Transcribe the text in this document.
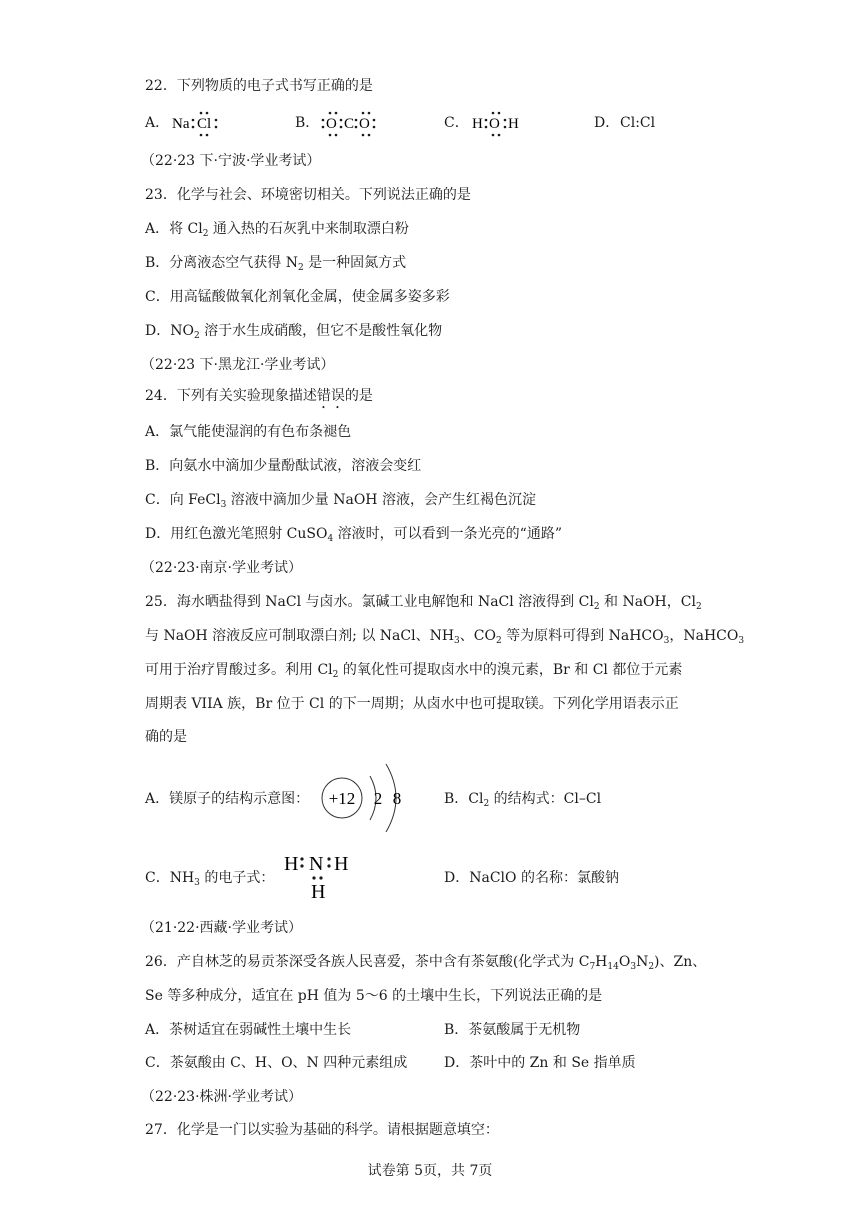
22．下列物质的电子式书写正确的是
A． Na Cl	B． O C O	C． H O H	D． Cl:Cl
（22·23 下·宁波·学业考试）
23．化学与社会、环境密切相关。下列说法正确的是
A．将 $Cl_2$ 通入热的石灰乳中来制取漂白粉
B．分离液态空气获得 $N_2$ 是一种固氮方式
C．用高锰酸做氧化剂氧化金属，使金属多姿多彩
D．$NO_2$ 溶于水生成硝酸，但它不是酸性氧化物
（22·23 下·黑龙江·学业考试）
24．下列有关实验现象描述错误的是
A．氯气能使湿润的有色布条褪色
B．向氨水中滴加少量酚酞试液，溶液会变红
C．向 FeCl$_3$ 溶液中滴加少量 NaOH 溶液，会产生红褐色沉淀
D．用红色激光笔照射 CuSO$_4$ 溶液时，可以看到一条光亮的“通路”
（22·23·南京·学业考试）
25．海水晒盐得到 NaCl 与卤水。氯碱工业电解饱和 NaCl 溶液得到 $Cl_2$ 和 NaOH，$Cl_2$
与 NaOH 溶液反应可制取漂白剂; 以 NaCl、$NH_3$、$CO_2$ 等为原料可得到 NaHCO$_3$，NaHCO$_3$
可用于治疗胃酸过多。利用 $Cl_2$ 的氧化性可提取卤水中的溴元素，Br 和 Cl 都位于元素
周期表 VIIA 族，Br 位于 Cl 的下一周期；从卤水中也可提取镁。下列化学用语表示正
确的是
A．镁原子的结构示意图： +12 2 8	B．$Cl_2$ 的结构式：Cl–Cl
C．$NH_3$ 的电子式：
H N H
H
D．NaClO 的名称：氯酸钠
（21·22·西藏·学业考试）
26．产自林芝的易贡茶深受各族人民喜爱，茶中含有茶氨酸(化学式为 $C_7H_{14}O_3N_2$)、Zn、
Se 等多种成分，适宜在 pH 值为 5～6 的土壤中生长，下列说法正确的是
A．茶树适宜在弱碱性土壤中生长	B．茶氨酸属于无机物
C．茶氨酸由 C、H、O、N 四种元素组成	D．茶叶中的 Zn 和 Se 指单质
（22·23·株洲·学业考试）
27．化学是一门以实验为基础的科学。请根据题意填空：
试卷第 5页，共 7页
